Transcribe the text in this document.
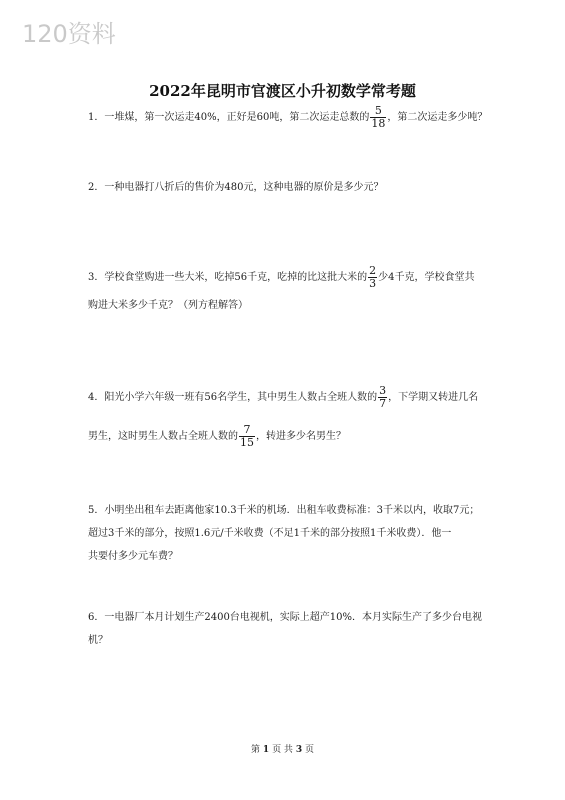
120资料
2022年昆明市官渡区小升初数学常考题
1．一堆煤，第一次运走40%，正好是60吨，第二次运走总数的 $\frac{5}{18}$ ，第二次运走多少吨？
2．一种电器打八折后的售价为480元，这种电器的原价是多少元？
3．学校食堂购进一些大米，吃掉56千克，吃掉的比这批大米的 $\frac{2}{3}$ 少4千克，学校食堂共
购进大米多少千克？（列方程解答）
4．阳光小学六年级一班有56名学生，其中男生人数占全班人数的 $\frac{3}{7}$ ，下学期又转进几名
男生，这时男生人数占全班人数的 $\frac{7}{15}$ ，转进多少名男生？
5．小明坐出租车去距离他家10.3千米的机场．出租车收费标准：3千米以内，收取7元；
超过3千米的部分，按照1.6元/千米收费（不足1千米的部分按照1千米收费）．他一
共要付多少元车费？
6．一电器厂本月计划生产2400台电视机，实际上超产10%．本月实际生产了多少台电视
机？
第 1 页 共 3 页
